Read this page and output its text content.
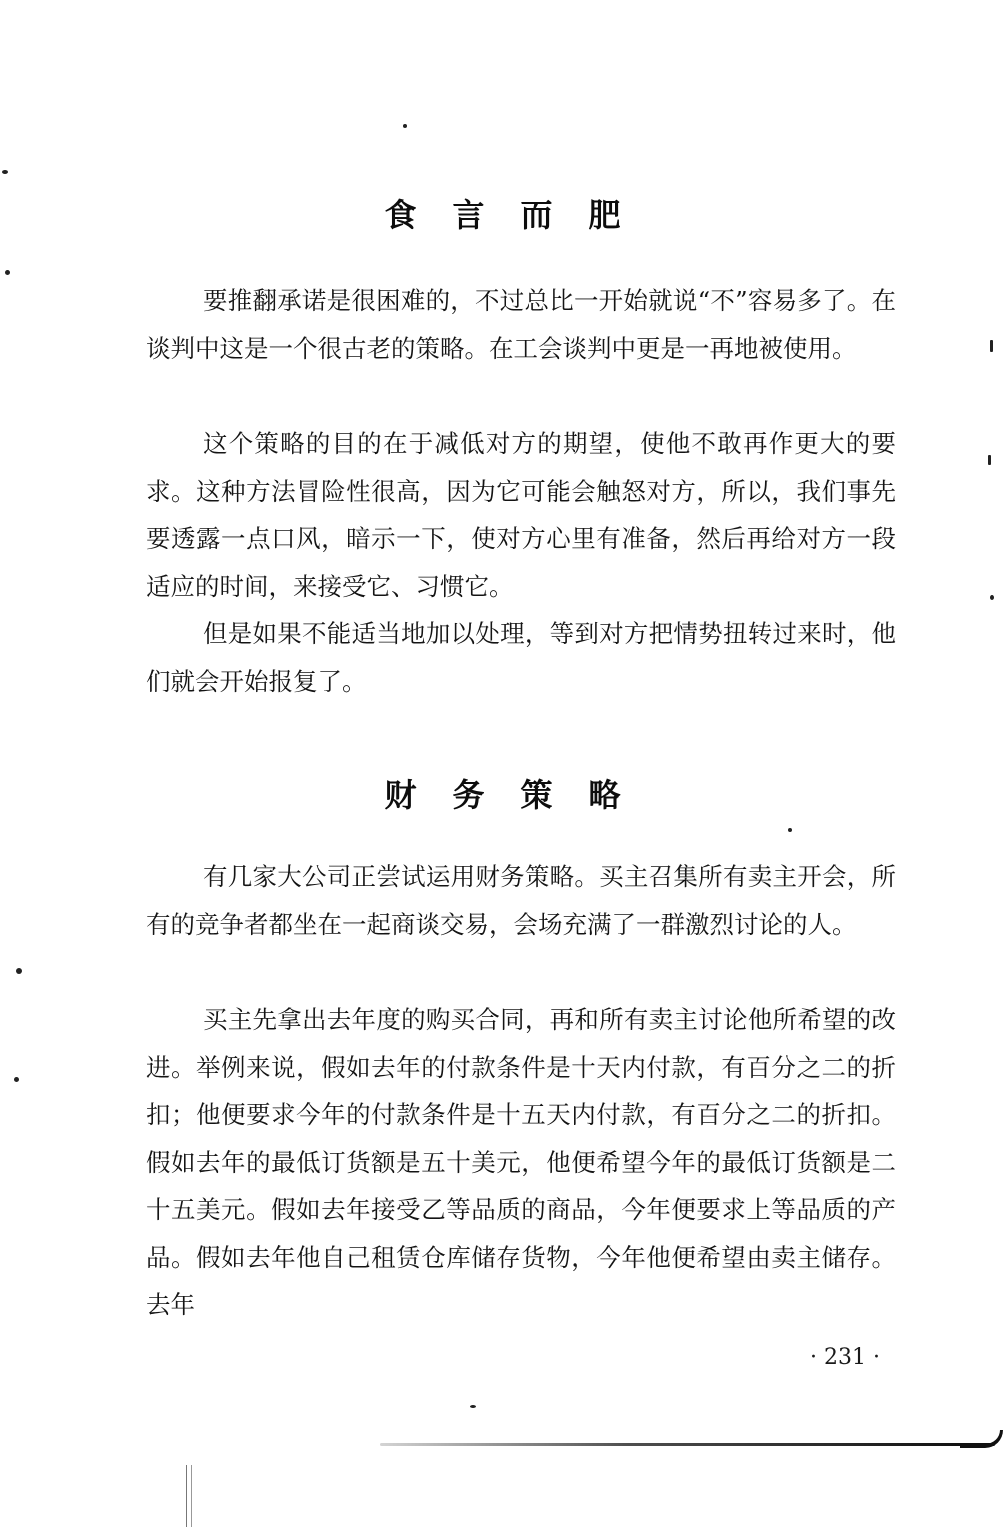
食 言 而 肥

要推翻承诺是很困难的，不过总比一开始就说“不”容易多了。在谈判中这是一个很古老的策略。在工会谈判中更是一再地被使用。

这个策略的目的在于减低对方的期望，使他不敢再作更大的要求。这种方法冒险性很高，因为它可能会触怒对方，所以，我们事先要透露一点口风，暗示一下，使对方心里有准备，然后再给对方一段适应的时间，来接受它、习惯它。

但是如果不能适当地加以处理，等到对方把情势扭转过来时，他们就会开始报复了。

财 务 策 略

有几家大公司正尝试运用财务策略。买主召集所有卖主开会，所有的竞争者都坐在一起商谈交易，会场充满了一群激烈讨论的人。

买主先拿出去年度的购买合同，再和所有卖主讨论他所希望的改进。举例来说，假如去年的付款条件是十天内付款，有百分之二的折扣；他便要求今年的付款条件是十五天内付款，有百分之二的折扣。假如去年的最低订货额是五十美元，他便希望今年的最低订货额是二十五美元。假如去年接受乙等品质的商品，今年便要求上等品质的产品。假如去年他自己租赁仓库储存货物，今年他便希望由卖主储存。去年

· 231 ·
